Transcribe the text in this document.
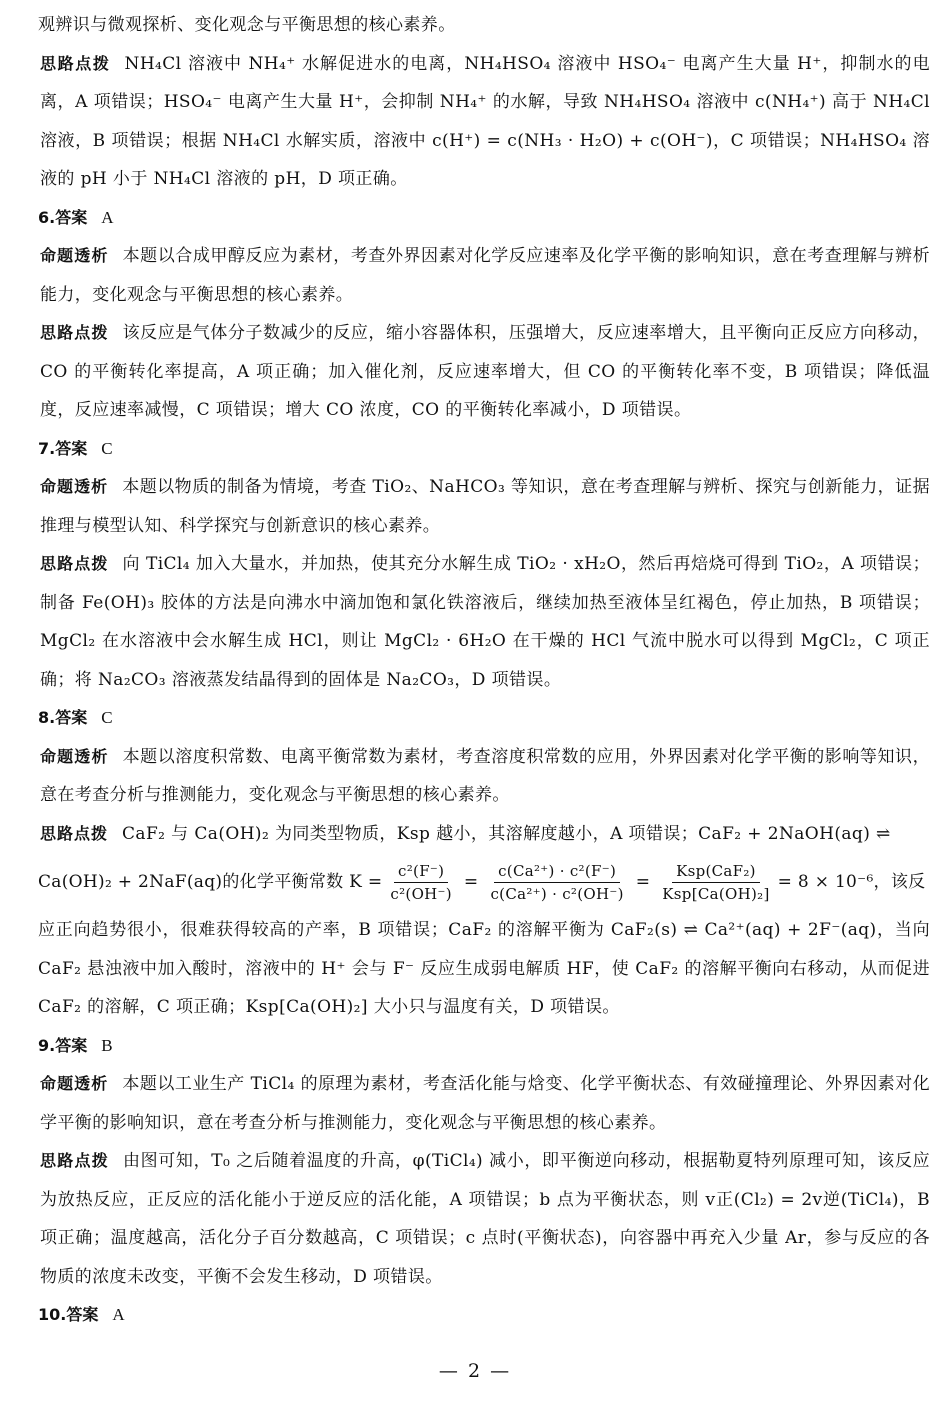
观辨识与微观探析、变化观念与平衡思想的核心素养。

思路点拨 NH₄Cl 溶液中 NH₄⁺ 水解促进水的电离，NH₄HSO₄ 溶液中 HSO₄⁻ 电离产生大量 H⁺，抑制水的电离，A 项错误；HSO₄⁻ 电离产生大量 H⁺，会抑制 NH₄⁺ 的水解，导致 NH₄HSO₄ 溶液中 c(NH₄⁺) 高于 NH₄Cl 溶液，B 项错误；根据 NH₄Cl 水解实质，溶液中 c(H⁺) = c(NH₃ · H₂O) + c(OH⁻)，C 项错误；NH₄HSO₄ 溶液的 pH 小于 NH₄Cl 溶液的 pH，D 项正确。

6.答案 A

命题透析 本题以合成甲醇反应为素材，考查外界因素对化学反应速率及化学平衡的影响知识，意在考查理解与辨析能力，变化观念与平衡思想的核心素养。

思路点拨 该反应是气体分子数减少的反应，缩小容器体积，压强增大，反应速率增大，且平衡向正反应方向移动，CO 的平衡转化率提高，A 项正确；加入催化剂，反应速率增大，但 CO 的平衡转化率不变，B 项错误；降低温度，反应速率减慢，C 项错误；增大 CO 浓度，CO 的平衡转化率减小，D 项错误。

7.答案 C

命题透析 本题以物质的制备为情境，考查 TiO₂、NaHCO₃ 等知识，意在考查理解与辨析、探究与创新能力，证据推理与模型认知、科学探究与创新意识的核心素养。

思路点拨 向 TiCl₄ 加入大量水，并加热，使其充分水解生成 TiO₂ · xH₂O，然后再焙烧可得到 TiO₂，A 项错误；制备 Fe(OH)₃ 胶体的方法是向沸水中滴加饱和氯化铁溶液后，继续加热至液体呈红褐色，停止加热，B 项错误；MgCl₂ 在水溶液中会水解生成 HCl，则让 MgCl₂ · 6H₂O 在干燥的 HCl 气流中脱水可以得到 MgCl₂，C 项正确；将 Na₂CO₃ 溶液蒸发结晶得到的固体是 Na₂CO₃，D 项错误。

8.答案 C

命题透析 本题以溶度积常数、电离平衡常数为素材，考查溶度积常数的应用，外界因素对化学平衡的影响等知识，意在考查分析与推测能力，变化观念与平衡思想的核心素养。

思路点拨 CaF₂ 与 Ca(OH)₂ 为同类型物质，Ksp 越小，其溶解度越小，A 项错误；CaF₂ + 2NaOH(aq) ⇌

Ca(OH)₂ + 2NaF(aq)的化学平衡常数 $K = \frac{\text{c²(F⁻)}}{\text{c²(OH⁻)}} = \frac{\text{c(Ca²⁺) · c²(F⁻)}}{\text{c(Ca²⁺) · c²(OH⁻)}} = \frac{\text{Ksp(CaF₂)}}{\text{Ksp[Ca(OH)₂]}} = 8 \times 10^{-6}$，该反

应正向趋势很小，很难获得较高的产率，B 项错误；CaF₂ 的溶解平衡为 CaF₂(s) ⇌ Ca²⁺(aq) + 2F⁻(aq)，当向 CaF₂ 悬浊液中加入酸时，溶液中的 H⁺ 会与 F⁻ 反应生成弱电解质 HF，使 CaF₂ 的溶解平衡向右移动，从而促进 CaF₂ 的溶解，C 项正确；Ksp[Ca(OH)₂] 大小只与温度有关，D 项错误。

9.答案 B

命题透析 本题以工业生产 TiCl₄ 的原理为素材，考查活化能与焓变、化学平衡状态、有效碰撞理论、外界因素对化学平衡的影响知识，意在考查分析与推测能力，变化观念与平衡思想的核心素养。

思路点拨 由图可知，T₀ 之后随着温度的升高，φ(TiCl₄) 减小，即平衡逆向移动，根据勒夏特列原理可知，该反应为放热反应，正反应的活化能小于逆反应的活化能，A 项错误；b 点为平衡状态，则 v正(Cl₂) = 2v逆(TiCl₄)，B 项正确；温度越高，活化分子百分数越高，C 项错误；c 点时(平衡状态)，向容器中再充入少量 Ar，参与反应的各物质的浓度未改变，平衡不会发生移动，D 项错误。

10.答案 A

— 2 —
